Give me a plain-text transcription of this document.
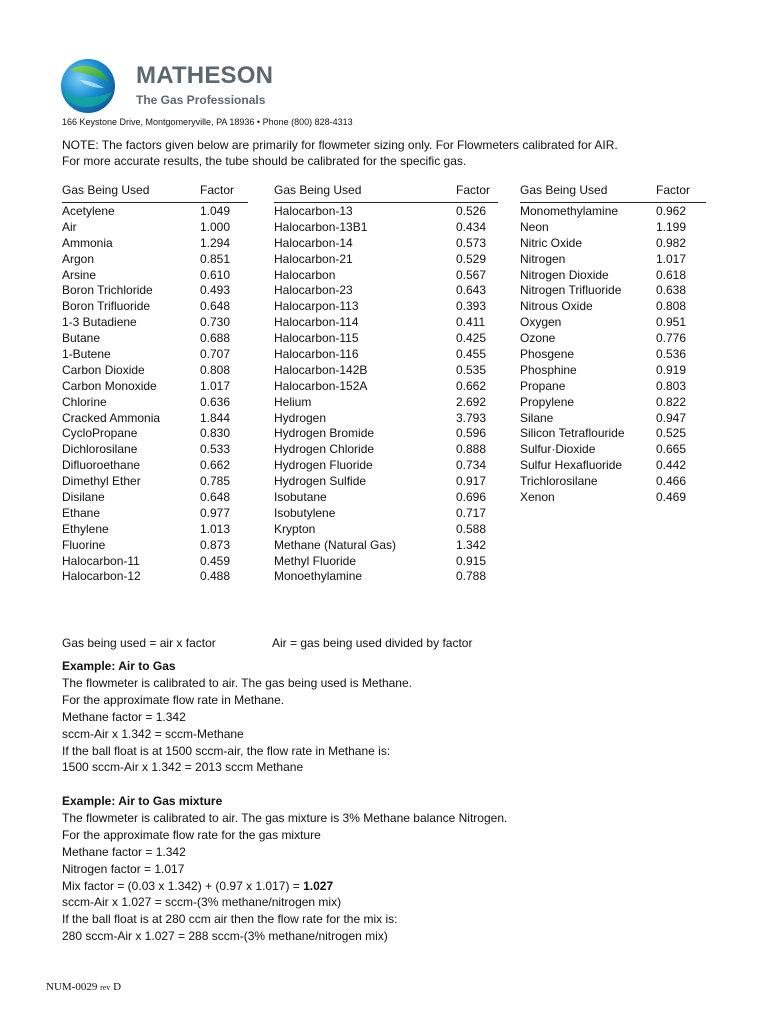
MATHESON
The Gas Professionals
166 Keystone Drive, Montgomeryville, PA 18936 • Phone (800) 828-4313
NOTE: The factors given below are primarily for flowmeter sizing only. For Flowmeters calibrated for AIR.
For more accurate results, the tube should be calibrated for the specific gas.
Gas Being Used	Factor
Acetylene	1.049
Air	1.000
Ammonia	1.294
Argon	0.851
Arsine	0.610
Boron Trichloride	0.493
Boron Trifluoride	0.648
1-3 Butadiene	0.730
Butane	0.688
1-Butene	0.707
Carbon Dioxide	0.808
Carbon Monoxide	1.017
Chlorine	0.636
Cracked Ammonia	1.844
CycloPropane	0.830
Dichlorosilane	0.533
Difluoroethane	0.662
Dimethyl Ether	0.785
Disilane	0.648
Ethane	0.977
Ethylene	1.013
Fluorine	0.873
Halocarbon-11	0.459
Halocarbon-12	0.488
Gas Being Used	Factor
Halocarbon-13	0.526
Halocarbon-13B1	0.434
Halocarbon-14	0.573
Halocarbon-21	0.529
Halocarbon	0.567
Halocarbon-23	0.643
Halocarpon-113	0.393
Halocarbon-114	0.411
Halocarbon-115	0.425
Halocarbon-116	0.455
Halocarbon-142B	0.535
Halocarbon-152A	0.662
Helium	2.692
Hydrogen	3.793
Hydrogen Bromide	0.596
Hydrogen Chloride	0.888
Hydrogen Fluoride	0.734
Hydrogen Sulfide	0.917
Isobutane	0.696
Isobutylene	0.717
Krypton	0.588
Methane (Natural Gas)	1.342
Methyl Fluoride	0.915
Monoethylamine	0.788
Gas Being Used	Factor
Monomethylamine	0.962
Neon	1.199
Nitric Oxide	0.982
Nitrogen	1.017
Nitrogen Dioxide	0.618
Nitrogen Trifluoride	0.638
Nitrous Oxide	0.808
Oxygen	0.951
Ozone	0.776
Phosgene	0.536
Phosphine	0.919
Propane	0.803
Propylene	0.822
Silane	0.947
Silicon Tetraflouride	0.525
Sulfur·Dioxide	0.665
Sulfur Hexafluoride	0.442
Trichlorosilane	0.466
Xenon	0.469
Gas being used = air x factor	Air = gas being used divided by factor
Example: Air to Gas
The flowmeter is calibrated to air. The gas being used is Methane.
For the approximate flow rate in Methane.
Methane factor = 1.342
sccm-Air x 1.342 = sccm-Methane
If the ball float is at 1500 sccm-air, the flow rate in Methane is:
1500 sccm-Air x 1.342 = 2013 sccm Methane
Example: Air to Gas mixture
The flowmeter is calibrated to air. The gas mixture is 3% Methane balance Nitrogen.
For the approximate flow rate for the gas mixture
Methane factor = 1.342
Nitrogen factor = 1.017
Mix factor = (0.03 x 1.342) + (0.97 x 1.017) = 1.027
sccm-Air x 1.027 = sccm-(3% methane/nitrogen mix)
If the ball float is at 280 ccm air then the flow rate for the mix is:
280 sccm-Air x 1.027 = 288 sccm-(3% methane/nitrogen mix)
NUM-0029 rev D
